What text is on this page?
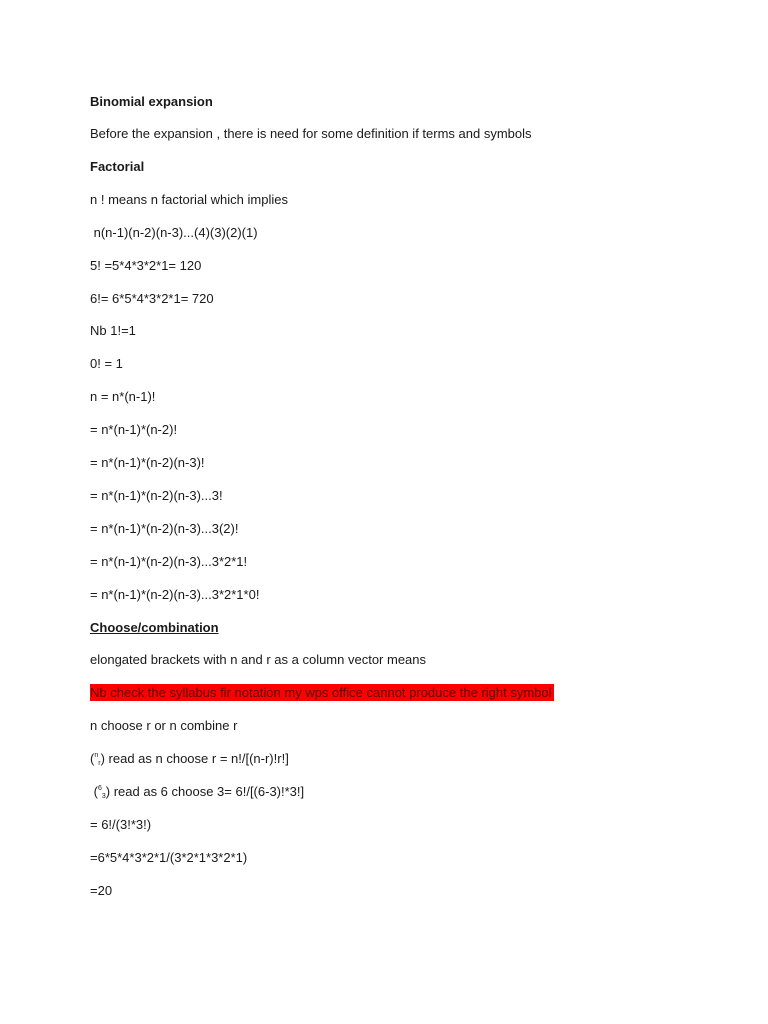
Binomial expansion

Before the expansion , there is need for some definition if terms and symbols

Factorial

n ! means n factorial which implies

n(n-1)(n-2)(n-3)...(4)(3)(2)(1)

5! =5*4*3*2*1= 120

6!= 6*5*4*3*2*1= 720

Nb 1!=1

0! = 1

n = n*(n-1)!

= n*(n-1)*(n-2)!

= n*(n-1)*(n-2)(n-3)!

= n*(n-1)*(n-2)(n-3)...3!

= n*(n-1)*(n-2)(n-3)...3(2)!

= n*(n-1)*(n-2)(n-3)...3*2*1!

= n*(n-1)*(n-2)(n-3)...3*2*1*0!

Choose/combination

elongated brackets with n and r as a column vector means

Nb check the syllabus fir notation my wps office cannot produce the right symbol

n choose r or n combine r

($^n_r$) read as n choose r = n!/[(n-r)!r!]

($^6_3$) read as 6 choose 3= 6!/[(6-3)!*3!]

= 6!/(3!*3!)

=6*5*4*3*2*1/(3*2*1*3*2*1)

=20
